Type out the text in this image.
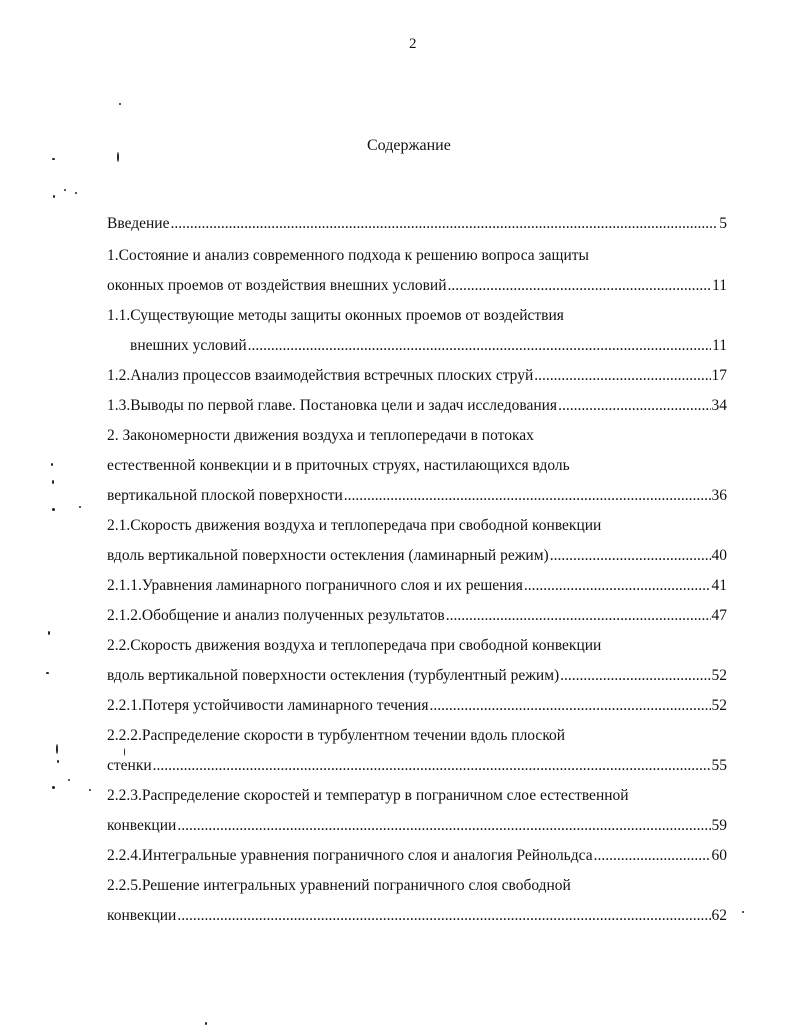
2
Содержание
Введение .....	5
1.Состояние и анализ современного подхода к решению вопроса защиты
оконных проемов от воздействия внешних условий .....	11
1.1.Существующие методы защиты оконных проемов от воздействия
внешних условий .....	11
1.2.Анализ процессов взаимодействия встречных плоских струй .....	17
1.3.Выводы по первой главе. Постановка цели и задач исследования .....	34
2. Закономерности движения воздуха и теплопередачи в потоках
естественной конвекции и в приточных струях, настилающихся вдоль
вертикальной плоской поверхности .....	36
2.1.Скорость движения воздуха и теплопередача при свободной конвекции
вдоль вертикальной поверхности остекления (ламинарный режим) .....	40
2.1.1.Уравнения ламинарного пограничного слоя и их решения .....	41
2.1.2.Обобщение и анализ полученных результатов .....	47
2.2.Скорость движения воздуха и теплопередача при свободной конвекции
вдоль вертикальной поверхности остекления (турбулентный режим) .....	52
2.2.1.Потеря устойчивости ламинарного течения .....	52
2.2.2.Распределение скорости в турбулентном течении вдоль плоской
стенки .....	55
2.2.3.Распределение скоростей и температур в пограничном слое естественной
конвекции .....	59
2.2.4.Интегральные уравнения пограничного слоя и аналогия Рейнольдса .....	60
2.2.5.Решение интегральных уравнений пограничного слоя свободной
конвекции .....	62
